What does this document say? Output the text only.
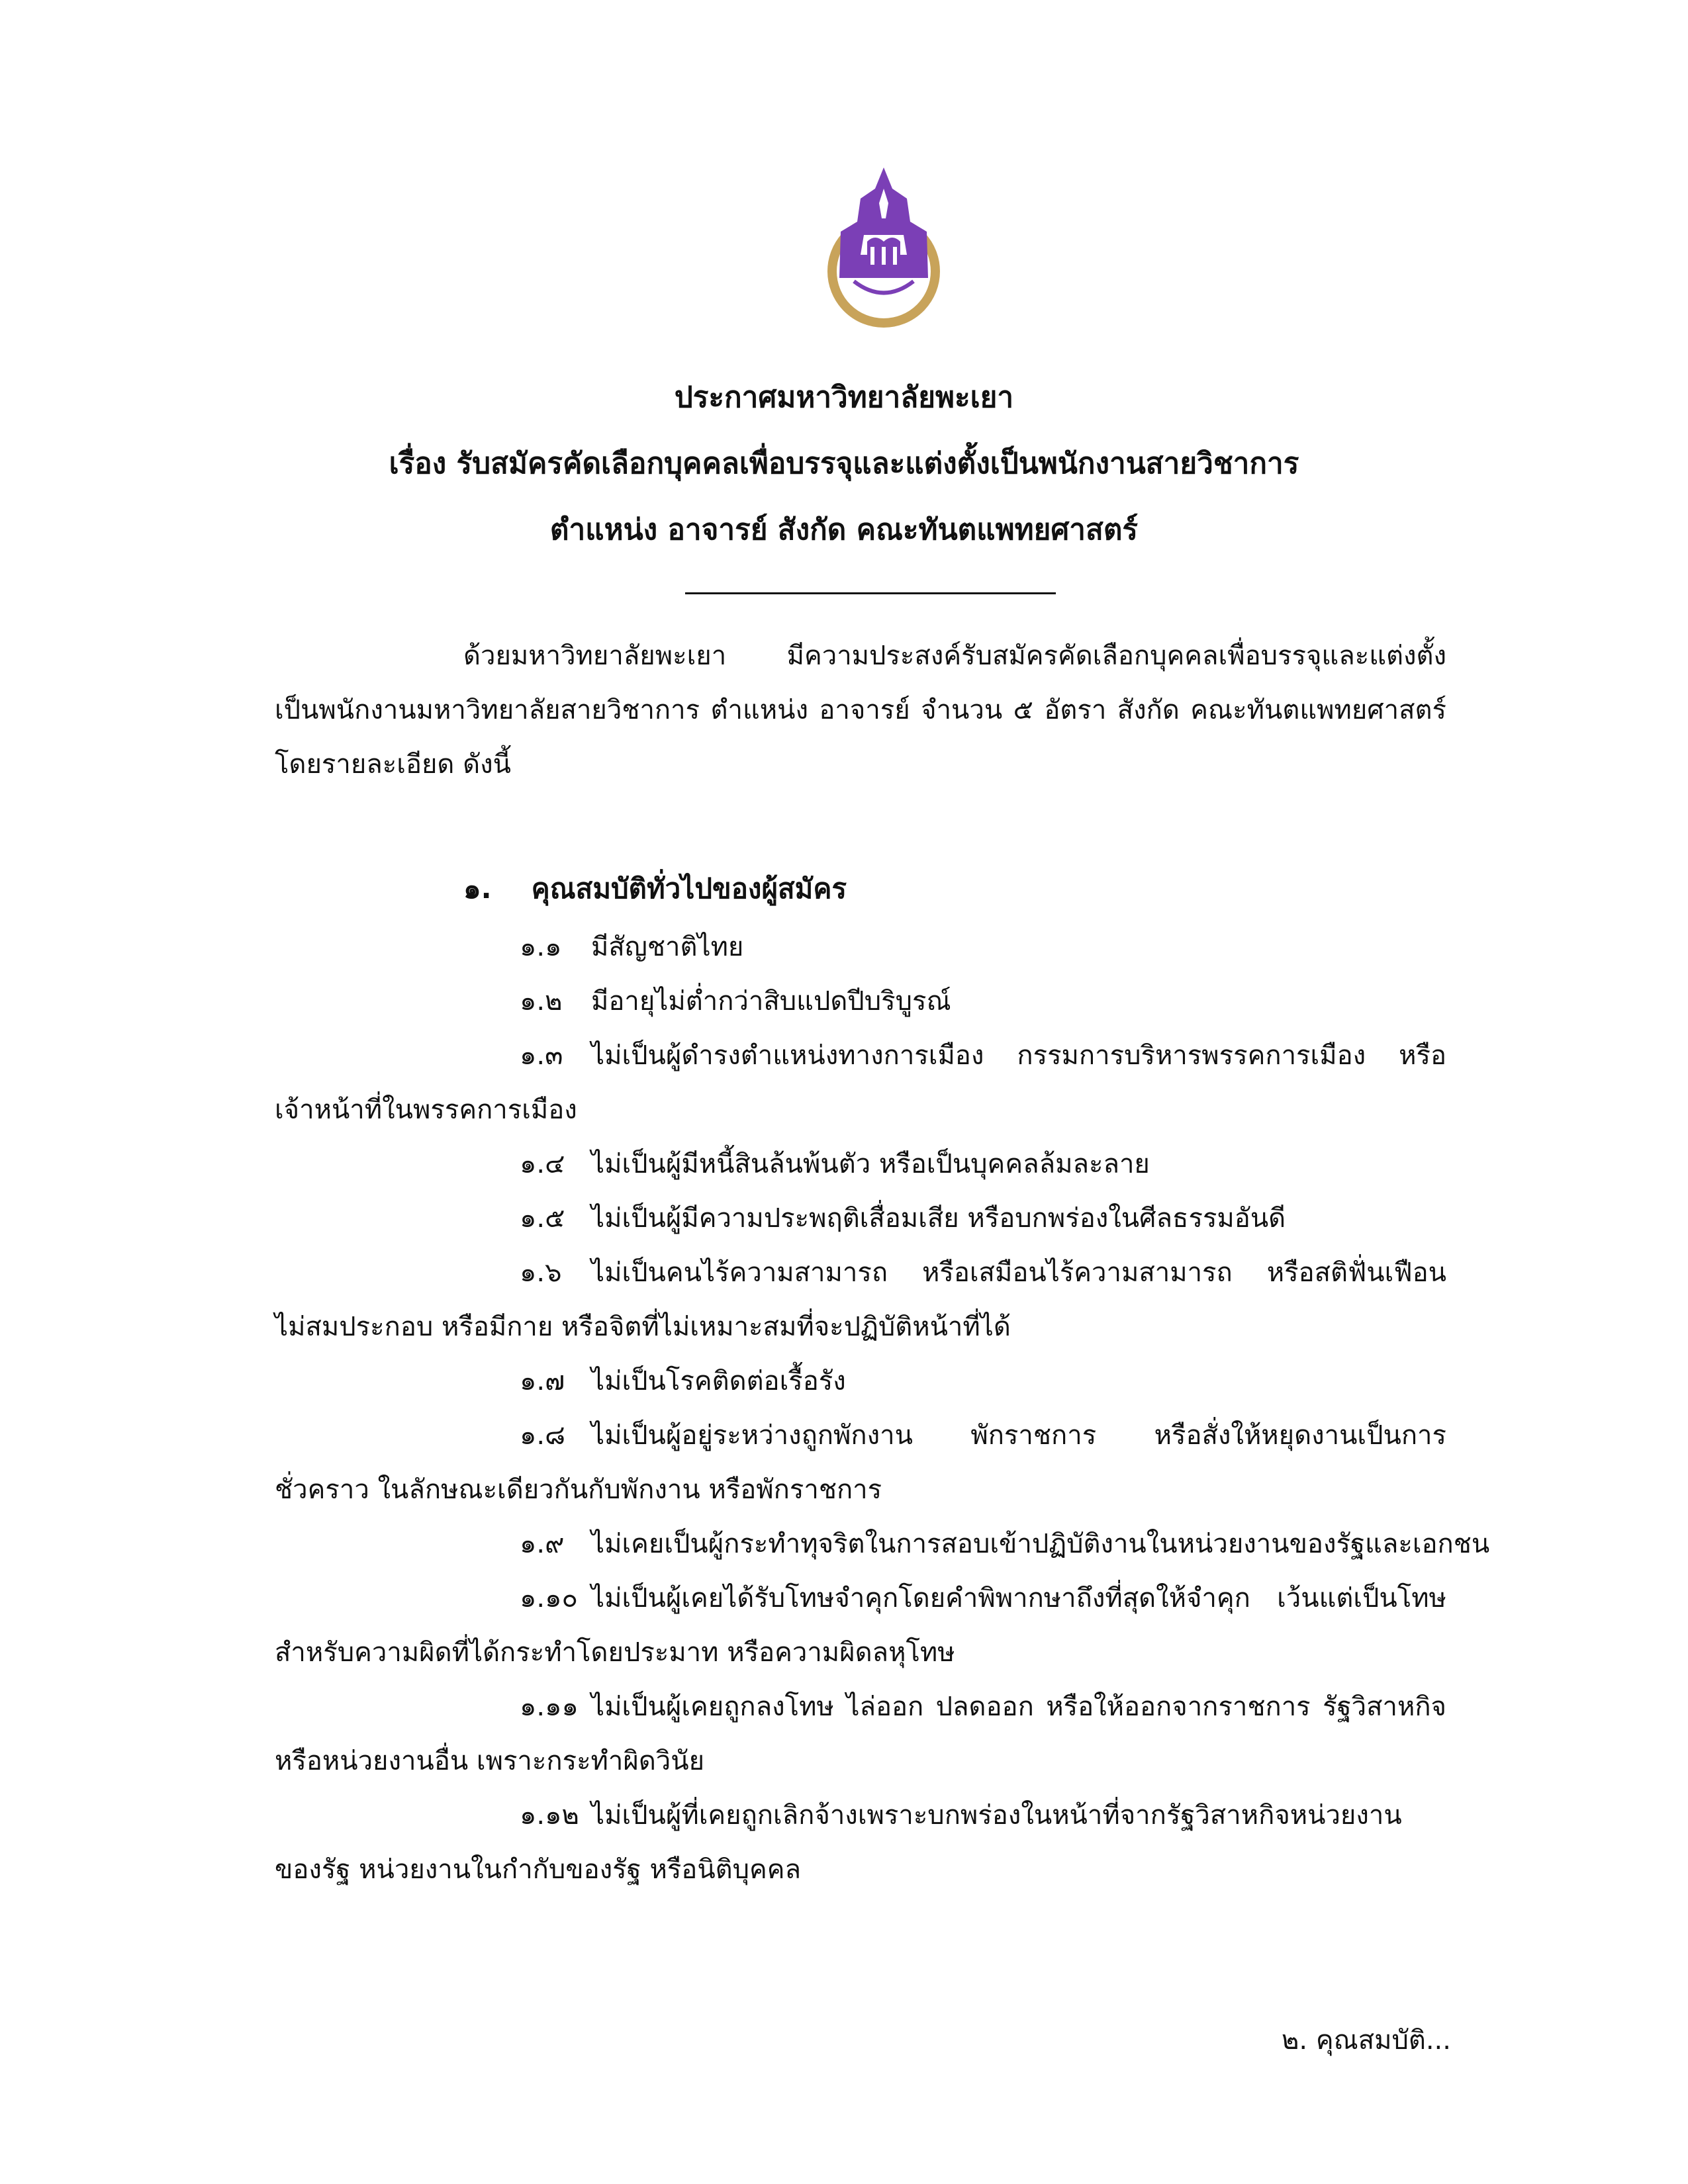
ประกาศมหาวิทยาลัยพะเยา
เรื่อง รับสมัครคัดเลือกบุคคลเพื่อบรรจุและแต่งตั้งเป็นพนักงานสายวิชาการ
ตำแหน่ง อาจารย์ สังกัด คณะทันตแพทยศาสตร์
ด้วยมหาวิทยาลัยพะเยา มีความประสงค์รับสมัครคัดเลือกบุคคลเพื่อบรรจุและแต่งตั้ง
เป็นพนักงานมหาวิทยาลัยสายวิชาการ ตำแหน่ง อาจารย์ จำนวน ๕ อัตรา สังกัด คณะทันตแพทยศาสตร์
โดยรายละเอียด ดังนี้
๑. คุณสมบัติทั่วไปของผู้สมัคร
๑.๑ มีสัญชาติไทย
๑.๒ มีอายุไม่ต่ำกว่าสิบแปดปีบริบูรณ์
๑.๓ ไม่เป็นผู้ดำรงตำแหน่งทางการเมือง กรรมการบริหารพรรคการเมือง หรือ
เจ้าหน้าที่ในพรรคการเมือง
๑.๔ ไม่เป็นผู้มีหนี้สินล้นพ้นตัว หรือเป็นบุคคลล้มละลาย
๑.๕ ไม่เป็นผู้มีความประพฤติเสื่อมเสีย หรือบกพร่องในศีลธรรมอันดี
๑.๖ ไม่เป็นคนไร้ความสามารถ หรือเสมือนไร้ความสามารถ หรือสติฟั่นเฟือน
ไม่สมประกอบ หรือมีกาย หรือจิตที่ไม่เหมาะสมที่จะปฏิบัติหน้าที่ได้
๑.๗ ไม่เป็นโรคติดต่อเรื้อรัง
๑.๘ ไม่เป็นผู้อยู่ระหว่างถูกพักงาน พักราชการ หรือสั่งให้หยุดงานเป็นการ
ชั่วคราว ในลักษณะเดียวกันกับพักงาน หรือพักราชการ
๑.๙ ไม่เคยเป็นผู้กระทำทุจริตในการสอบเข้าปฏิบัติงานในหน่วยงานของรัฐและเอกชน
๑.๑๐ ไม่เป็นผู้เคยได้รับโทษจำคุกโดยคำพิพากษาถึงที่สุดให้จำคุก เว้นแต่เป็นโทษ
สำหรับความผิดที่ได้กระทำโดยประมาท หรือความผิดลหุโทษ
๑.๑๑ ไม่เป็นผู้เคยถูกลงโทษ ไล่ออก ปลดออก หรือให้ออกจากราชการ รัฐวิสาหกิจ
หรือหน่วยงานอื่น เพราะกระทำผิดวินัย
๑.๑๒ ไม่เป็นผู้ที่เคยถูกเลิกจ้างเพราะบกพร่องในหน้าที่จากรัฐวิสาหกิจหน่วยงาน
ของรัฐ หน่วยงานในกำกับของรัฐ หรือนิติบุคคล
๒. คุณสมบัติ...
